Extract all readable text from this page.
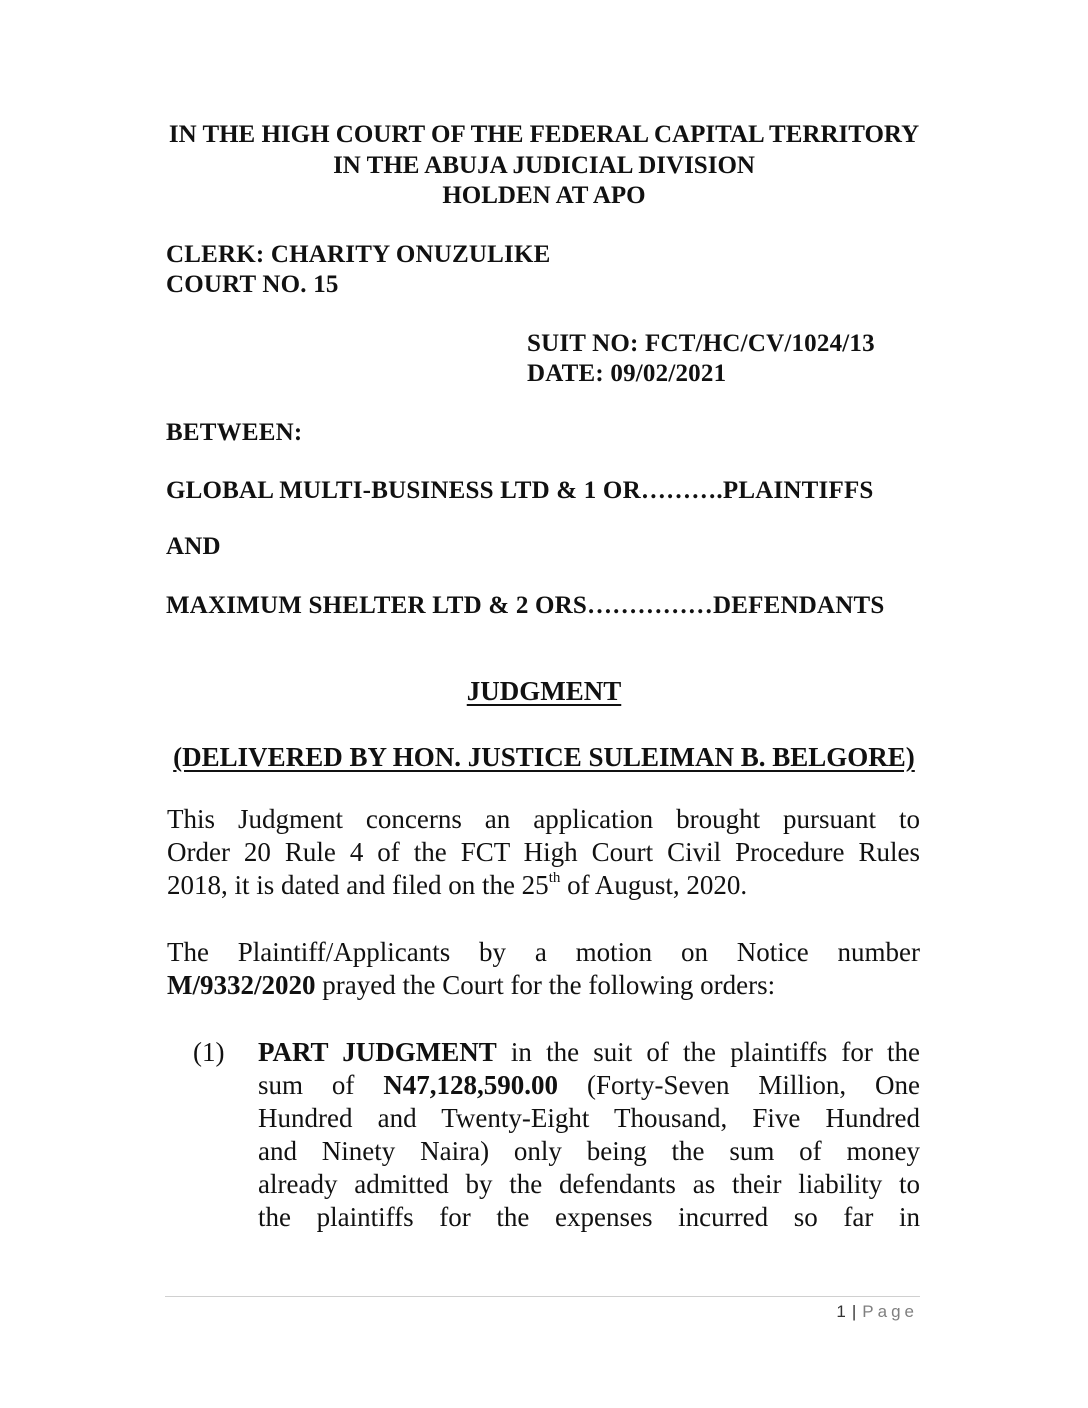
IN THE HIGH COURT OF THE FEDERAL CAPITAL TERRITORY
IN THE ABUJA JUDICIAL DIVISION
HOLDEN AT APO
CLERK: CHARITY ONUZULIKE
COURT NO. 15
SUIT NO: FCT/HC/CV/1024/13
DATE: 09/02/2021
BETWEEN:
GLOBAL MULTI-BUSINESS LTD & 1 OR……….PLAINTIFFS
AND
MAXIMUM SHELTER LTD & 2 ORS……………DEFENDANTS
JUDGMENT
(DELIVERED BY HON. JUSTICE SULEIMAN B. BELGORE)
This Judgment concerns an application brought pursuant to
Order 20 Rule 4 of the FCT High Court Civil Procedure Rules
2018, it is dated and filed on the 25th of August, 2020.
The Plaintiff/Applicants by a motion on Notice number
M/9332/2020 prayed the Court for the following orders:
(1) PART JUDGMENT in the suit of the plaintiffs for the
sum of N47,128,590.00 (Forty-Seven Million, One
Hundred and Twenty-Eight Thousand, Five Hundred
and Ninety Naira) only being the sum of money
already admitted by the defendants as their liability to
the plaintiffs for the expenses incurred so far in
1 | Page
